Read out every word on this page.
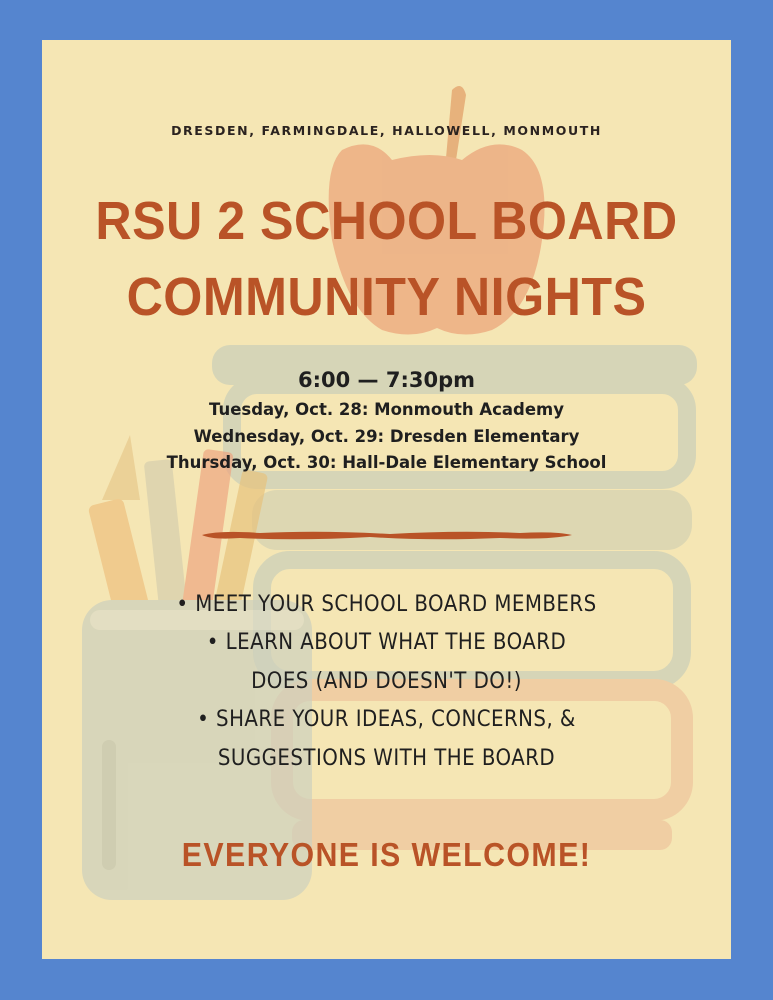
DRESDEN, FARMINGDALE, HALLOWELL, MONMOUTH
RSU 2 SCHOOL BOARD
COMMUNITY NIGHTS
6:00 — 7:30pm
Tuesday, Oct. 28: Monmouth Academy
Wednesday, Oct. 29: Dresden Elementary
Thursday, Oct. 30: Hall-Dale Elementary School
• MEET YOUR SCHOOL BOARD MEMBERS
• LEARN ABOUT WHAT THE BOARD
DOES (AND DOESN'T DO!)
• SHARE YOUR IDEAS, CONCERNS, &
SUGGESTIONS WITH THE BOARD
EVERYONE IS WELCOME!
